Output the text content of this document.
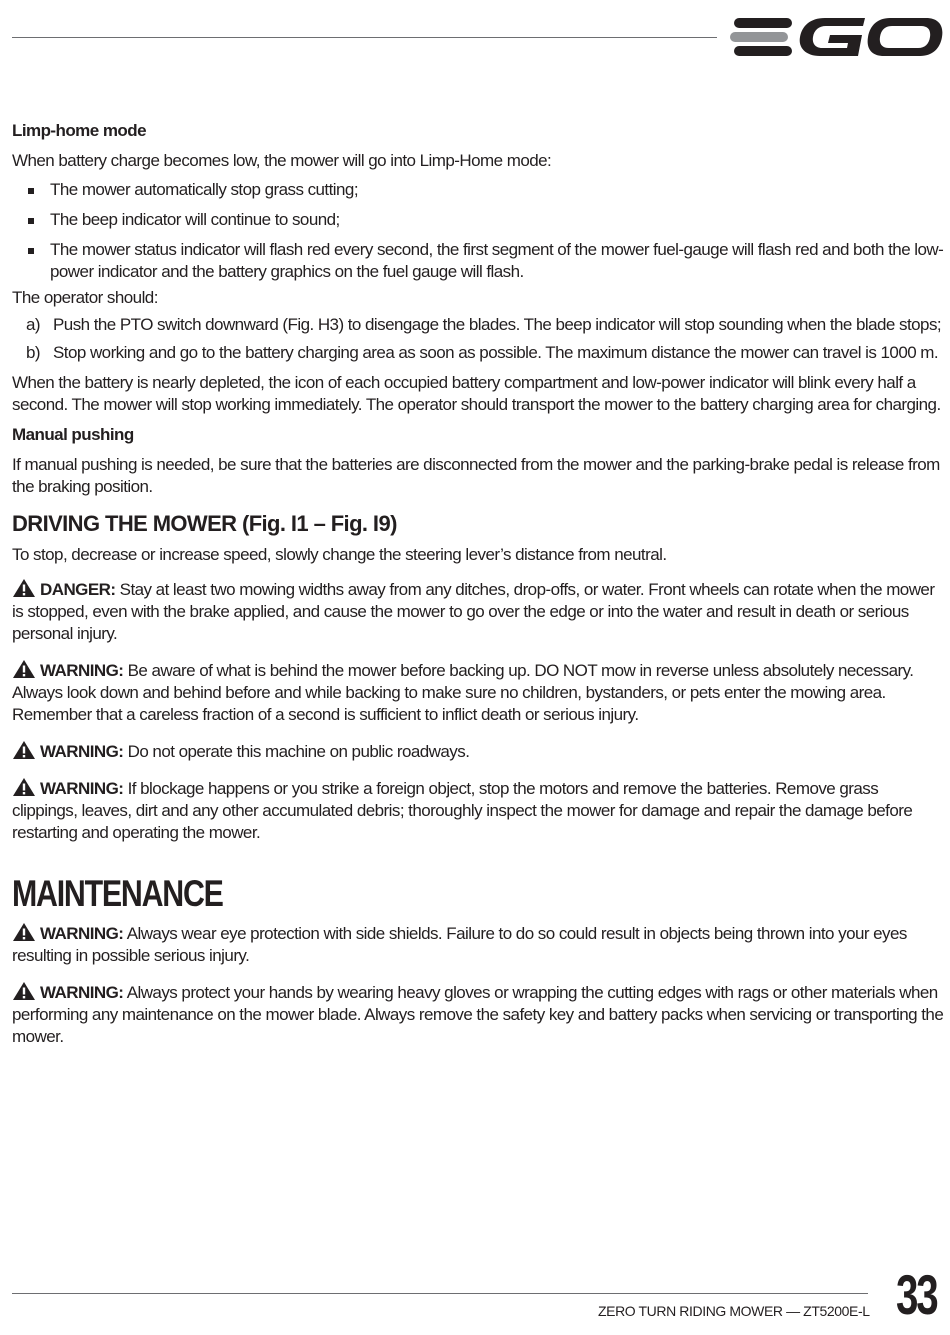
Limp-home mode

When battery charge becomes low, the mower will go into Limp-Home mode:

The mower automatically stop grass cutting;
The beep indicator will continue to sound;
The mower status indicator will flash red every second, the first segment of the mower fuel-gauge will flash red and both the low-power indicator and the battery graphics on the fuel gauge will flash.

The operator should:

a) Push the PTO switch downward (Fig. H3) to disengage the blades. The beep indicator will stop sounding when the blade stops;
b) Stop working and go to the battery charging area as soon as possible. The maximum distance the mower can travel is 1000 m.

When the battery is nearly depleted, the icon of each occupied battery compartment and low-power indicator will blink every half a second. The mower will stop working immediately. The operator should transport the mower to the battery charging area for charging.

Manual pushing

If manual pushing is needed, be sure that the batteries are disconnected from the mower and the parking-brake pedal is release from the braking position.

DRIVING THE MOWER (Fig. I1 – Fig. I9)

To stop, decrease or increase speed, slowly change the steering lever’s distance from neutral.

DANGER: Stay at least two mowing widths away from any ditches, drop-offs, or water. Front wheels can rotate when the mower is stopped, even with the brake applied, and cause the mower to go over the edge or into the water and result in death or serious personal injury.

WARNING: Be aware of what is behind the mower before backing up. DO NOT mow in reverse unless absolutely necessary. Always look down and behind before and while backing to make sure no children, bystanders, or pets enter the mowing area. Remember that a careless fraction of a second is sufficient to inflict death or serious injury.

WARNING: Do not operate this machine on public roadways.

WARNING: If blockage happens or you strike a foreign object, stop the motors and remove the batteries. Remove grass clippings, leaves, dirt and any other accumulated debris; thoroughly inspect the mower for damage and repair the damage before restarting and operating the mower.

MAINTENANCE

WARNING: Always wear eye protection with side shields. Failure to do so could result in objects being thrown into your eyes resulting in possible serious injury.

WARNING: Always protect your hands by wearing heavy gloves or wrapping the cutting edges with rags or other materials when performing any maintenance on the mower blade. Always remove the safety key and battery packs when servicing or transporting the mower.

ZERO TURN RIDING MOWER — ZT5200E-L 33
